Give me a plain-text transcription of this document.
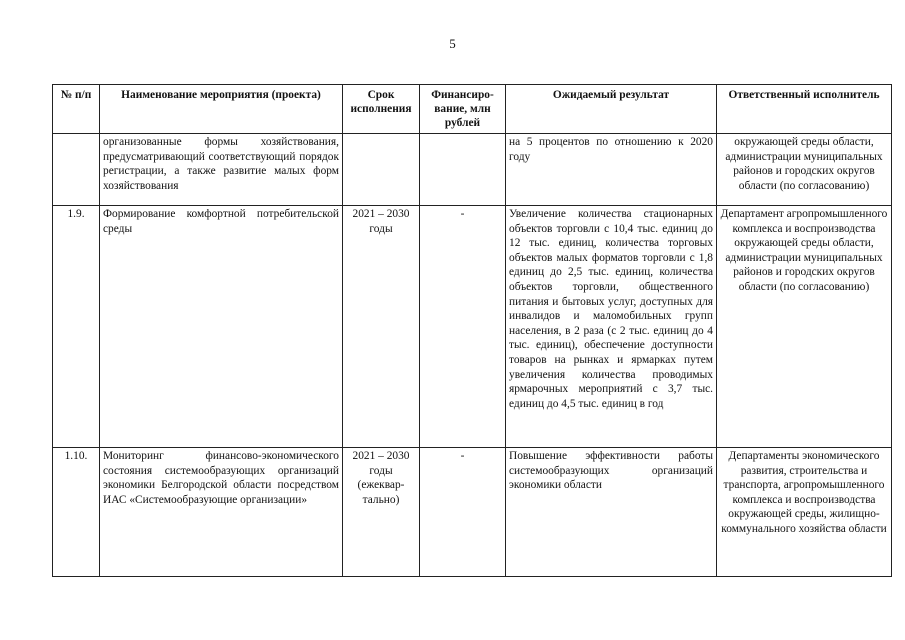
5
№ п/п	Наименование мероприятия (проекта)	Срок исполнения	Финансиро-вание, млн рублей	Ожидаемый результат	Ответственный исполнитель
	организованные формы хозяйствования, предусматривающий соответствующий порядок регистрации, а также развитие малых форм хозяйствования			на 5 процентов по отношению к 2020 году	окружающей среды области, администрации муниципальных районов и городских округов области (по согласованию)
1.9.	Формирование комфортной потребительской среды	2021 – 2030 годы	-	Увеличение количества стационарных объектов торговли с 10,4 тыс. единиц до 12 тыс. единиц, количества торговых объектов малых форматов торговли с 1,8 единиц до 2,5 тыс. единиц, количества объектов торговли, общественного питания и бытовых услуг, доступных для инвалидов и маломобильных групп населения, в 2 раза (с 2 тыс. единиц до 4 тыс. единиц), обеспечение доступности товаров на рынках и ярмарках путем увеличения количества проводимых ярмарочных мероприятий с 3,7 тыс. единиц до 4,5 тыс. единиц в год	Департамент агропромышленного комплекса и воспроизводства окружающей среды области, администрации муниципальных районов и городских округов области (по согласованию)
1.10.	Мониторинг финансово-экономического состояния системообразующих организаций экономики Белгородской области посредством ИАС «Системообразующие организации»	2021 – 2030 годы (ежеквар-тально)	-	Повышение эффективности работы системообразующих организаций экономики области	Департаменты экономического развития, строительства и транспорта, агропромышленного комплекса и воспроизводства окружающей среды, жилищно-коммунального хозяйства области
